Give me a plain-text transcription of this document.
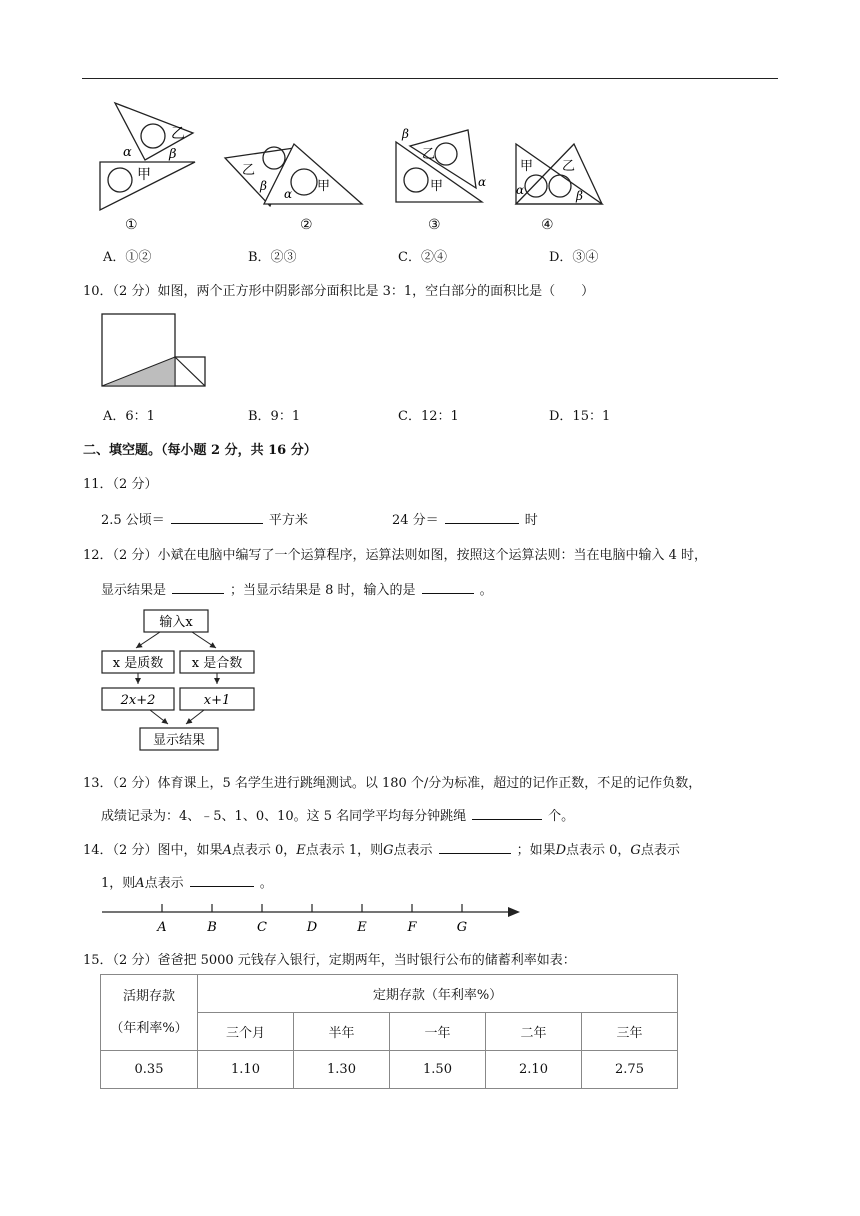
乙
α	β
甲
①
乙
甲
β
α
②
乙
甲
β
α
③
甲 乙
α	β
④
A．①②	B．②③	C．②④	D．③④
10．（2 分）如图，两个正方形中阴影部分面积比是 3：1，空白部分的面积比是（　　）
A．6：1	B．9：1	C．12：1	D．15：1
二、填空题。（每小题 2 分，共 16 分）
11．（2 分）
2.5 公顷＝	平方米	24 分＝	时
12．（2 分）小斌在电脑中编写了一个运算程序，运算法则如图，按照这个运算法则：当在电脑中输入 4 时，
显示结果是	；当显示结果是 8 时，输入的是	。
输入x
x 是质数 x 是合数
2x+2	x+1
显示结果
13．（2 分）体育课上，5 名学生进行跳绳测试。以 180 个/分为标准，超过的记作正数，不足的记作负数，
成绩记录为：4、﹣5、1、0、10。这 5 名同学平均每分钟跳绳	个。
14．（2 分）图中，如果A点表示 0，E点表示 1，则G点表示	；如果D点表示 0，G点表示
1，则A点表示	。
A	B	C	D	E	F	G
15．（2 分）爸爸把 5000 元钱存入银行，定期两年，当时银行公布的储蓄利率如表：
活期存款
（年利率%）	定期存款（年利率%）				
	三个月	半年	一年	二年	三年
0.35	1.10	1.30	1.50	2.10	2.75
